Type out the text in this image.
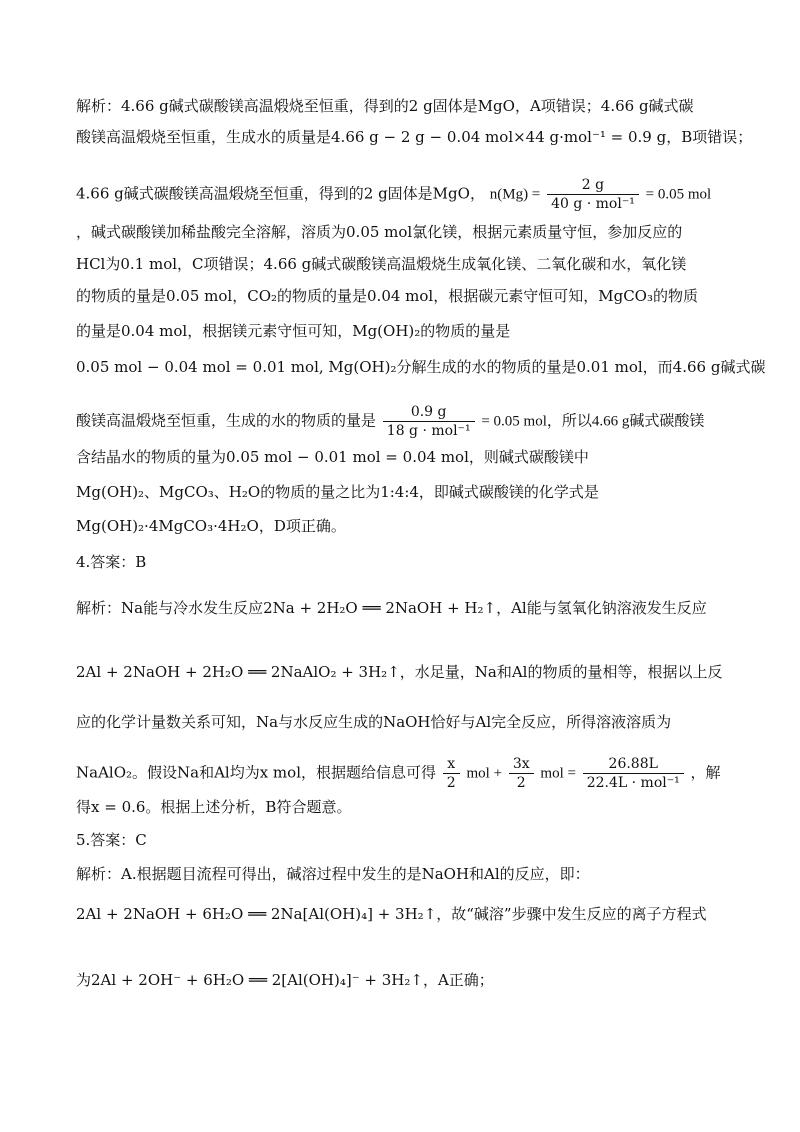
解析：4.66 g碱式碳酸镁高温煅烧至恒重，得到的2 g固体是MgO，A项错误；4.66 g碱式碳
酸镁高温煅烧至恒重，生成水的质量是4.66 g − 2 g − 0.04 mol×44 g·mol⁻¹ = 0.9 g，B项错误；
4.66 g碱式碳酸镁高温煅烧至恒重，得到的2 g固体是MgO， $n(Mg) = \frac{2 g}{\text{40 g · mol⁻¹}} = 0.05$ mol
，碱式碳酸镁加稀盐酸完全溶解，溶质为0.05 mol氯化镁，根据元素质量守恒，参加反应的
HCl为0.1 mol，C项错误；4.66 g碱式碳酸镁高温煅烧生成氧化镁、二氧化碳和水，氧化镁
的物质的量是0.05 mol，CO₂的物质的量是0.04 mol，根据碳元素守恒可知，MgCO₃的物质
的量是0.04 mol，根据镁元素守恒可知，Mg(OH)₂的物质的量是
0.05 mol − 0.04 mol = 0.01 mol, Mg(OH)₂分解生成的水的物质的量是0.01 mol，而4.66 g碱式碳
酸镁高温煅烧至恒重，生成的水的物质的量是 $\frac{0.9 g}{\text{18 g · mol⁻¹}} = 0.05$ mol，所以4.66 g碱式碳酸镁
含结晶水的物质的量为0.05 mol − 0.01 mol = 0.04 mol，则碱式碳酸镁中
Mg(OH)₂、MgCO₃、H₂O的物质的量之比为1:4:4，即碱式碳酸镁的化学式是
Mg(OH)₂·4MgCO₃·4H₂O，D项正确。
4.答案：B
解析：Na能与冷水发生反应2Na + 2H₂O ══ 2NaOH + H₂↑，Al能与氢氧化钠溶液发生反应
2Al + 2NaOH + 2H₂O ══ 2NaAlO₂ + 3H₂↑，水足量，Na和Al的物质的量相等，根据以上反
应的化学计量数关系可知，Na与水反应生成的NaOH恰好与Al完全反应，所得溶液溶质为
NaAlO₂。假设Na和Al均为x mol，根据题给信息可得 $\frac{x}{2}$ mol + $\frac{3x}{2}$ mol = $\frac{26.88L}{\text{22.4L · mol⁻¹}}$ ，解
得x = 0.6。根据上述分析，B符合题意。
5.答案：C
解析：A.根据题目流程可得出，碱溶过程中发生的是NaOH和Al的反应，即：
2Al + 2NaOH + 6H₂O ══ 2Na[Al(OH)₄] + 3H₂↑，故“碱溶”步骤中发生反应的离子方程式
为2Al + 2OH⁻ + 6H₂O ══ 2[Al(OH)₄]⁻ + 3H₂↑，A正确；
